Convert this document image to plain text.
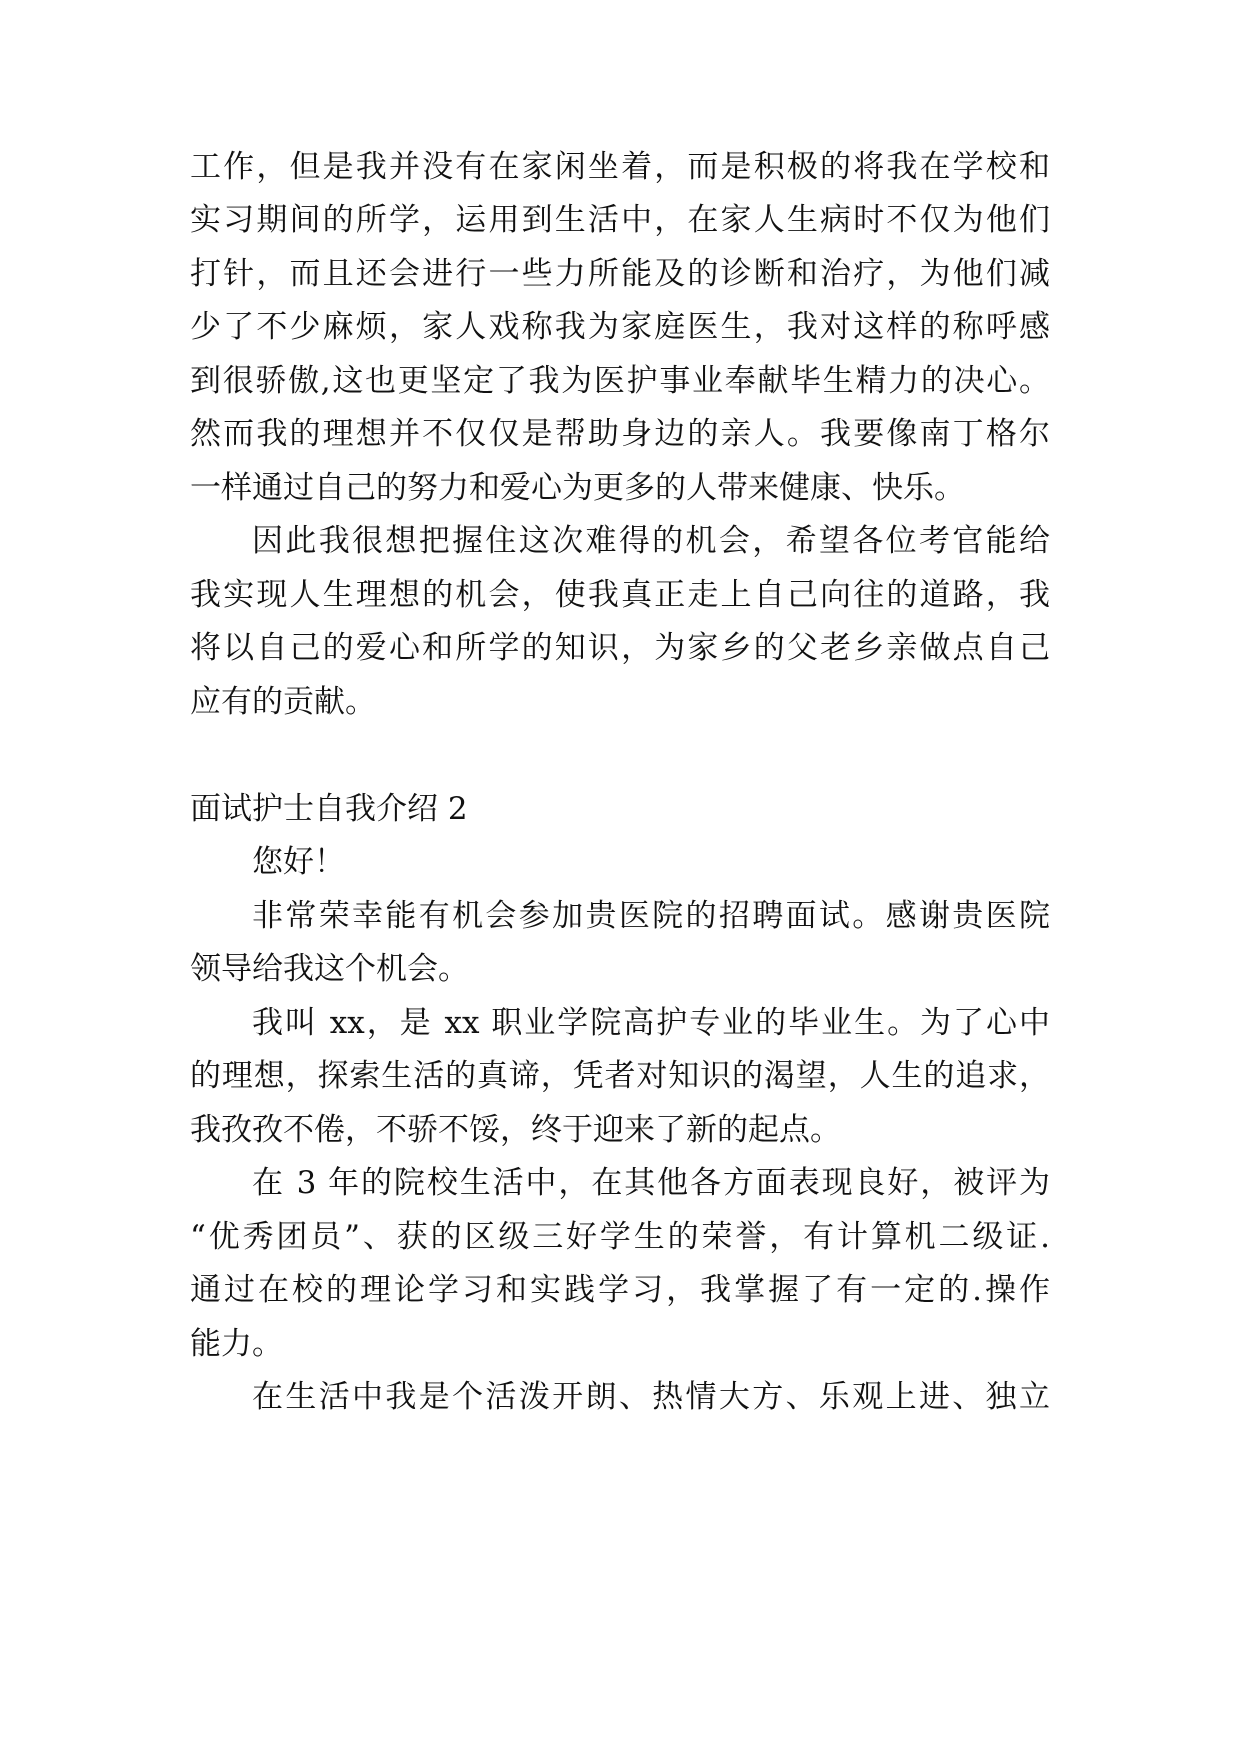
工作，但是我并没有在家闲坐着，而是积极的将我在学校和

实习期间的所学，运用到生活中，在家人生病时不仅为他们

打针，而且还会进行一些力所能及的诊断和治疗，为他们减

少了不少麻烦，家人戏称我为家庭医生，我对这样的称呼感

到很骄傲,这也更坚定了我为医护事业奉献毕生精力的决心。

然而我的理想并不仅仅是帮助身边的亲人。我要像南丁格尔

一样通过自己的努力和爱心为更多的人带来健康、快乐。

因此我很想把握住这次难得的机会，希望各位考官能给

我实现人生理想的机会，使我真正走上自己向往的道路，我

将以自己的爱心和所学的知识，为家乡的父老乡亲做点自己

应有的贡献。

面试护士自我介绍 2

您好！

非常荣幸能有机会参加贵医院的招聘面试。感谢贵医院

领导给我这个机会。

我叫 xx，是 xx 职业学院高护专业的毕业生。为了心中

的理想，探索生活的真谛，凭者对知识的渴望，人生的追求，

我孜孜不倦，不骄不馁，终于迎来了新的起点。

在 3 年的院校生活中，在其他各方面表现良好，被评为

“优秀团员”、获的区级三好学生的荣誉，有计算机二级证.

通过在校的理论学习和实践学习，我掌握了有一定的.操作

能力。

在生活中我是个活泼开朗、热情大方、乐观上进、独立
